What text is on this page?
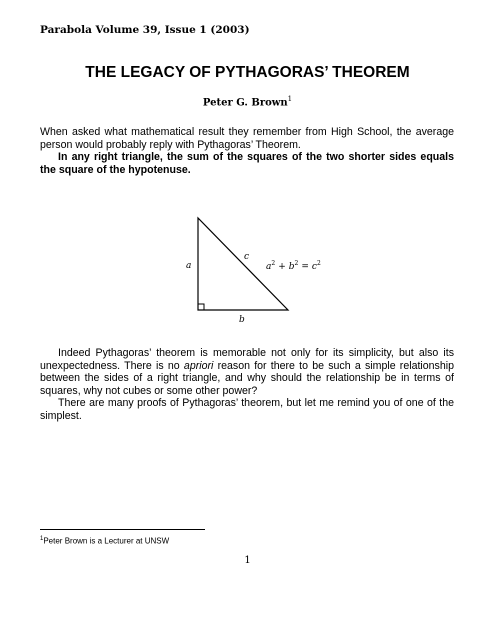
Parabola Volume 39, Issue 1 (2003)
THE LEGACY OF PYTHAGORAS’ THEOREM
Peter G. Brown$^1$
When asked what mathematical result they remember from High School, the average person would probably reply with Pythagoras’ Theorem.
In any right triangle, the sum of the squares of the two shorter sides equals the square of the hypotenuse.
a
c
b
$a^2 + b^2 = c^2$
Indeed Pythagoras’ theorem is memorable not only for its simplicity, but also its unexpectedness. There is no apriori reason for there to be such a simple relationship between the sides of a right triangle, and why should the relationship be in terms of squares, why not cubes or some other power?
There are many proofs of Pythagoras’ theorem, but let me remind you of one of the simplest.
$^1$Peter Brown is a Lecturer at UNSW
1
